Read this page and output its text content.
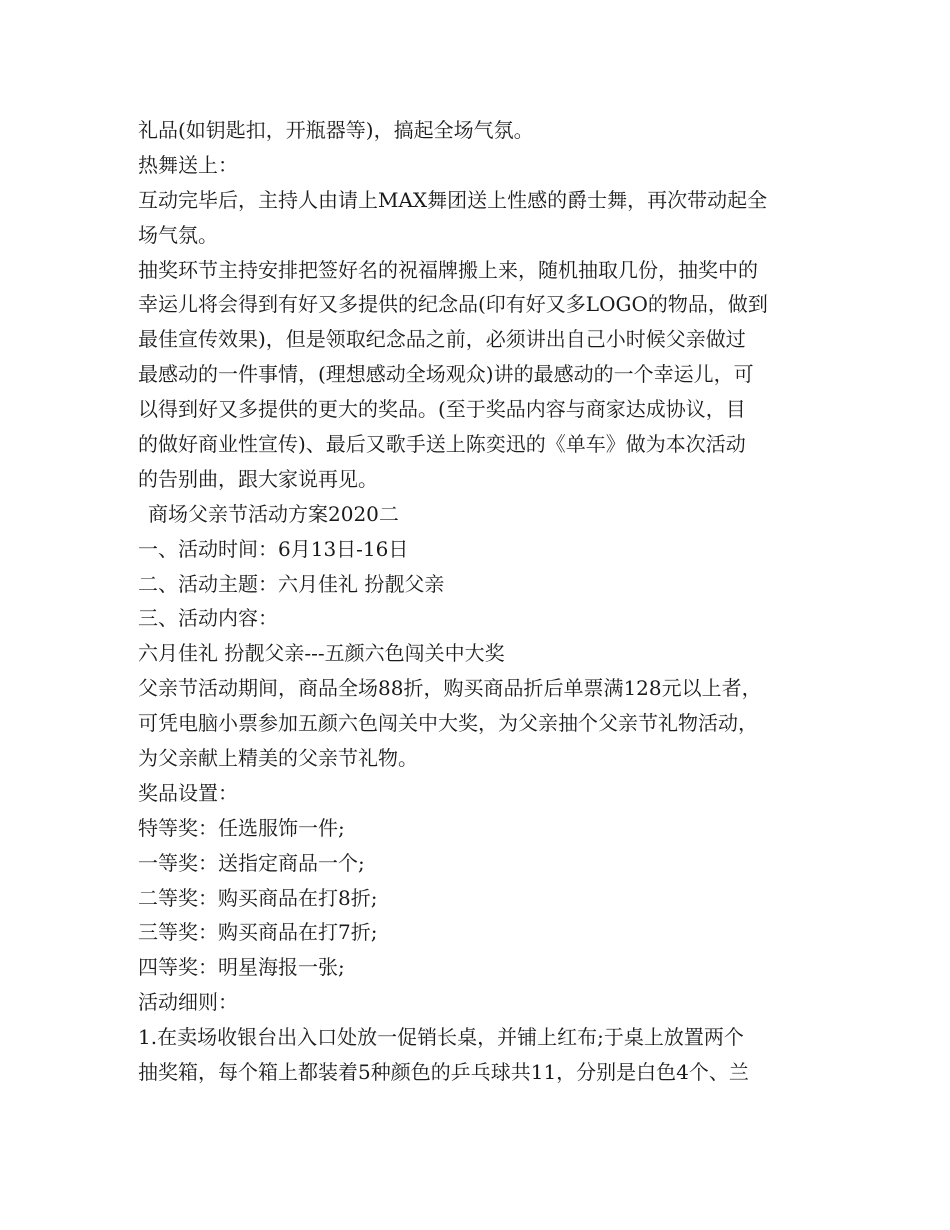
礼品(如钥匙扣，开瓶器等)，搞起全场气氛。
热舞送上：
互动完毕后，主持人由请上MAX舞团送上性感的爵士舞，再次带动起全
场气氛。
抽奖环节主持安排把签好名的祝福牌搬上来，随机抽取几份，抽奖中的
幸运儿将会得到有好又多提供的纪念品(印有好又多LOGO的物品，做到
最佳宣传效果)，但是领取纪念品之前，必须讲出自己小时候父亲做过
最感动的一件事情，(理想感动全场观众)讲的最感动的一个幸运儿，可
以得到好又多提供的更大的奖品。(至于奖品内容与商家达成协议，目
的做好商业性宣传)、最后又歌手送上陈奕迅的《单车》做为本次活动
的告别曲，跟大家说再见。
商场父亲节活动方案2020二
一、活动时间：6月13日-16日
二、活动主题：六月佳礼 扮靓父亲
三、活动内容：
六月佳礼 扮靓父亲---五颜六色闯关中大奖
父亲节活动期间，商品全场88折，购买商品折后单票满128元以上者，
可凭电脑小票参加五颜六色闯关中大奖，为父亲抽个父亲节礼物活动，
为父亲献上精美的父亲节礼物。
奖品设置：
特等奖：任选服饰一件;
一等奖：送指定商品一个;
二等奖：购买商品在打8折;
三等奖：购买商品在打7折;
四等奖：明星海报一张;
活动细则：
1.在卖场收银台出入口处放一促销长桌，并铺上红布;于桌上放置两个
抽奖箱，每个箱上都装着5种颜色的乒乓球共11，分别是白色4个、兰
